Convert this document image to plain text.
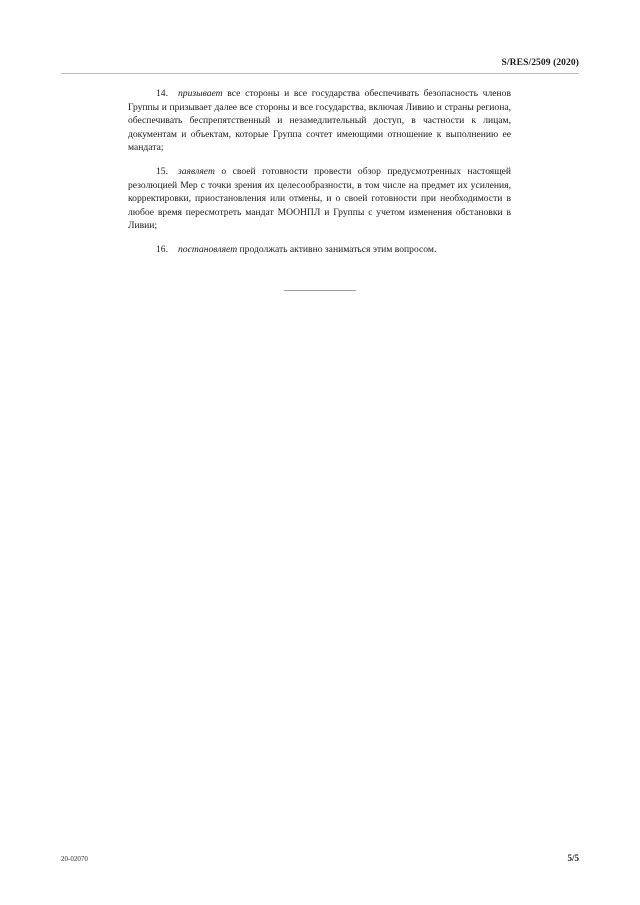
S/RES/2509 (2020)

14. призывает все стороны и все государства обеспечивать безопасность членов Группы и призывает далее все стороны и все государства, включая Ливию и страны региона, обеспечивать беспрепятственный и незамедлительный доступ, в частности к лицам, документам и объектам, которые Группа сочтет имеющими отношение к выполнению ее мандата;

15. заявляет о своей готовности провести обзор предусмотренных настоящей резолюцией Мер с точки зрения их целесообразности, в том числе на предмет их усиления, корректировки, приостановления или отмены, и о своей готовности при необходимости в любое время пересмотреть мандат МООНПЛ и Группы с учетом изменения обстановки в Ливии;

16. постановляет продолжать активно заниматься этим вопросом.

20-02070	5/5
